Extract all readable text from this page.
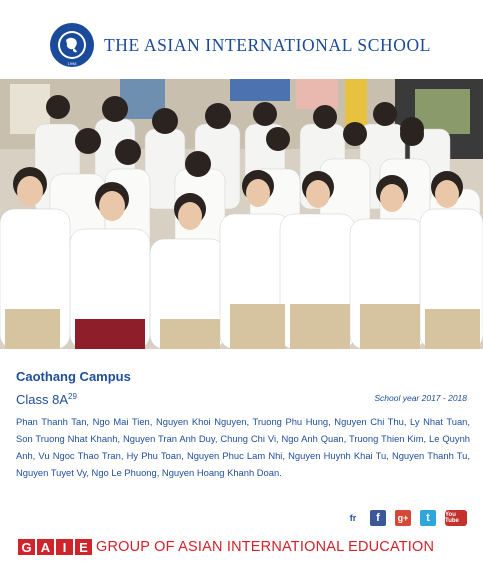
1998
THE ASIAN INTERNATIONAL SCHOOL
Caothang Campus
Class $8A^{29}$	School year 2017 - 2018
Phan Thanh Tan, Ngo Mai Tien, Nguyen Khoi Nguyen, Truong Phu Hung, Nguyen Chi Thu, Ly Nhat Tuan, Son Truong Nhat Khanh, Nguyen Tran Anh Duy, Chung Chi Vi, Ngo Anh Quan, Truong Thien Kim, Le Quynh Anh, Vu Ngoc Thao Tran, Hy Phu Toan, Nguyen Phuc Lam Nhi, Nguyen Huynh Khai Tu, Nguyen Thanh Tu, Nguyen Tuyet Vy, Ngo Le Phuong, Nguyen Hoang Khanh Doan.
fr	f	g+	t	You Tube
G A I E GROUP OF ASIAN INTERNATIONAL EDUCATION
